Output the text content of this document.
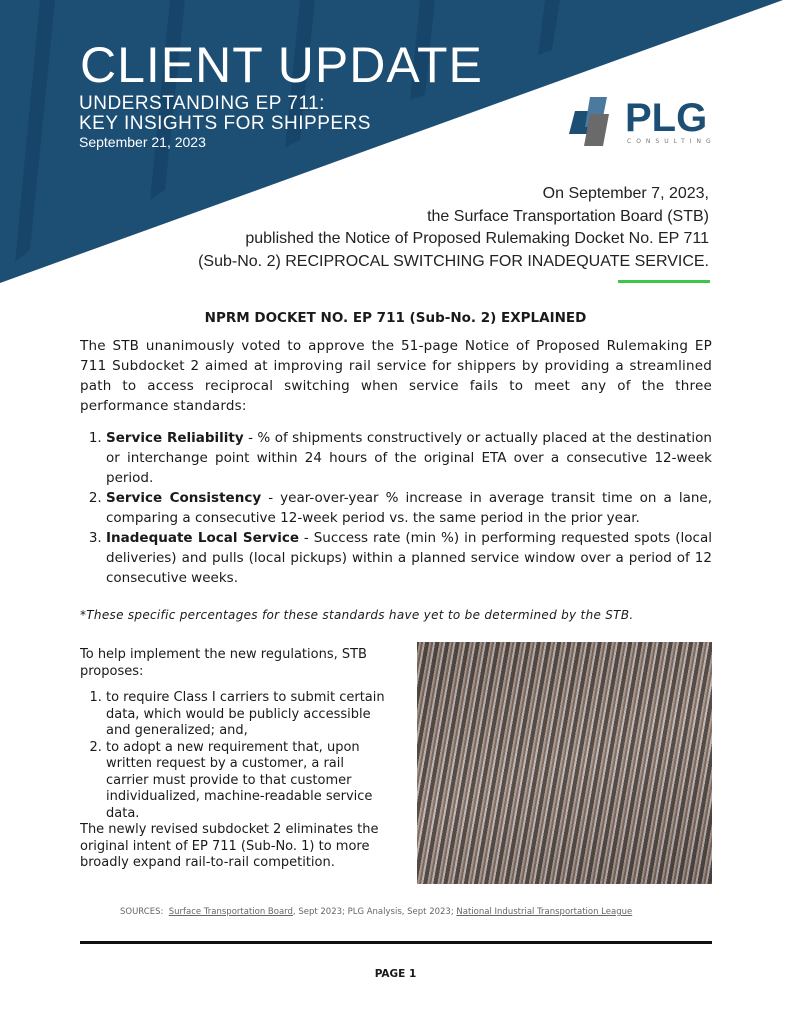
CLIENT UPDATE
UNDERSTANDING EP 711:
KEY INSIGHTS FOR SHIPPERS
September 21, 2023
PLG
CONSULTING
On September 7, 2023,
the Surface Transportation Board (STB)
published the Notice of Proposed Rulemaking Docket No. EP 711
(Sub-No. 2) RECIPROCAL SWITCHING FOR INADEQUATE SERVICE.
NPRM DOCKET NO. EP 711 (Sub-No. 2) EXPLAINED
The STB unanimously voted to approve the 51-page Notice of Proposed Rulemaking EP 711 Subdocket 2 aimed at improving rail service for shippers by providing a streamlined path to access reciprocal switching when service fails to meet any of the three performance standards:
1. Service Reliability - % of shipments constructively or actually placed at the destination or interchange point within 24 hours of the original ETA over a consecutive 12-week period.
2. Service Consistency - year-over-year % increase in average transit time on a lane, comparing a consecutive 12-week period vs. the same period in the prior year.
3. Inadequate Local Service - Success rate (min %) in performing requested spots (local deliveries) and pulls (local pickups) within a planned service window over a period of 12 consecutive weeks.
*These specific percentages for these standards have yet to be determined by the STB.
To help implement the new regulations, STB proposes:
1. to require Class I carriers to submit certain data, which would be publicly accessible and generalized; and,
2. to adopt a new requirement that, upon written request by a customer, a rail carrier must provide to that customer individualized, machine-readable service data.
The newly revised subdocket 2 eliminates the original intent of EP 711 (Sub-No. 1) to more broadly expand rail-to-rail competition.
SOURCES: Surface Transportation Board, Sept 2023; PLG Analysis, Sept 2023; National Industrial Transportation League
PAGE 1
